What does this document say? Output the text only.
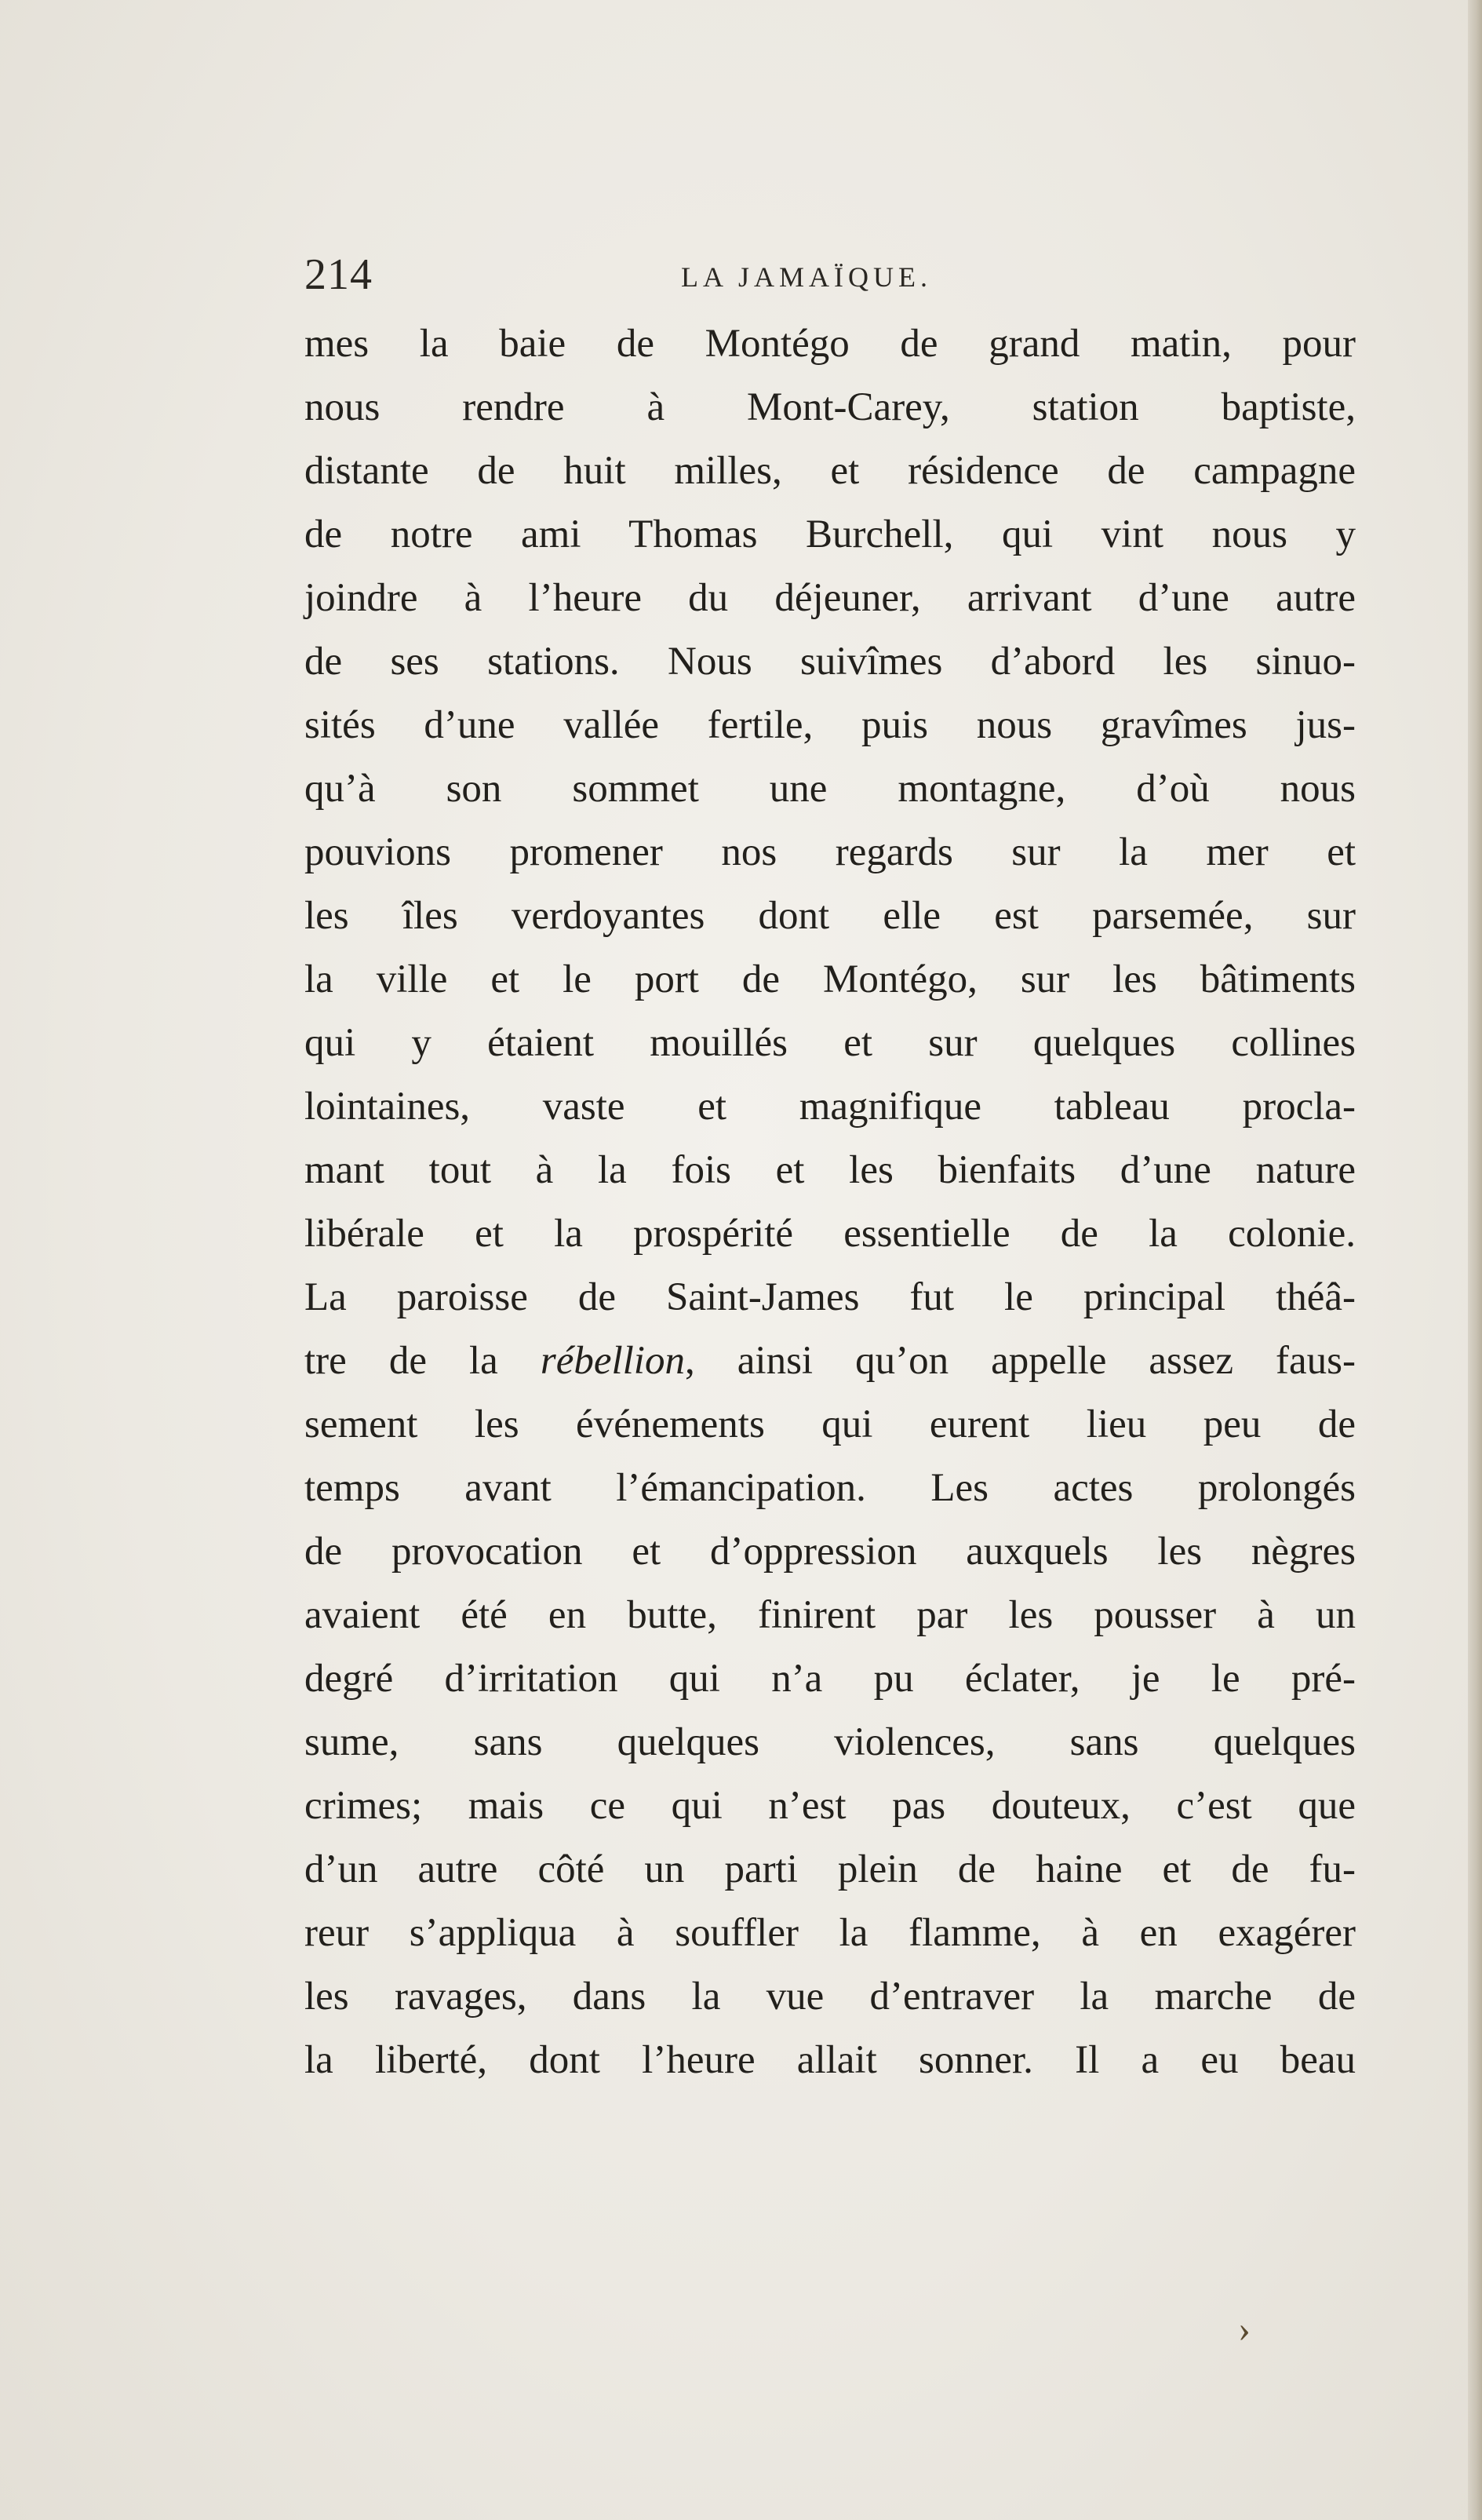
214	LA JAMAÏQUE.
mes la baie de Montégo de grand matin, pour
nous rendre à Mont-Carey, station baptiste,
distante de huit milles, et résidence de campagne
de notre ami Thomas Burchell, qui vint nous y
joindre à l’heure du déjeuner, arrivant d’une autre
de ses stations. Nous suivîmes d’abord les sinuo-
sités d’une vallée fertile, puis nous gravîmes jus-
qu’à son sommet une montagne, d’où nous
pouvions promener nos regards sur la mer et
les îles verdoyantes dont elle est parsemée, sur
la ville et le port de Montégo, sur les bâtiments
qui y étaient mouillés et sur quelques collines
lointaines, vaste et magnifique tableau procla-
mant tout à la fois et les bienfaits d’une nature
libérale et la prospérité essentielle de la colonie.
La paroisse de Saint-James fut le principal théâ-
tre de la rébellion, ainsi qu’on appelle assez faus-
sement les événements qui eurent lieu peu de
temps avant l’émancipation. Les actes prolongés
de provocation et d’oppression auxquels les nègres
avaient été en butte, finirent par les pousser à un
degré d’irritation qui n’a pu éclater, je le pré-
sume, sans quelques violences, sans quelques
crimes; mais ce qui n’est pas douteux, c’est que
d’un autre côté un parti plein de haine et de fu-
reur s’appliqua à souffler la flamme, à en exagérer
les ravages, dans la vue d’entraver la marche de
la liberté, dont l’heure allait sonner. Il a eu beau
›
